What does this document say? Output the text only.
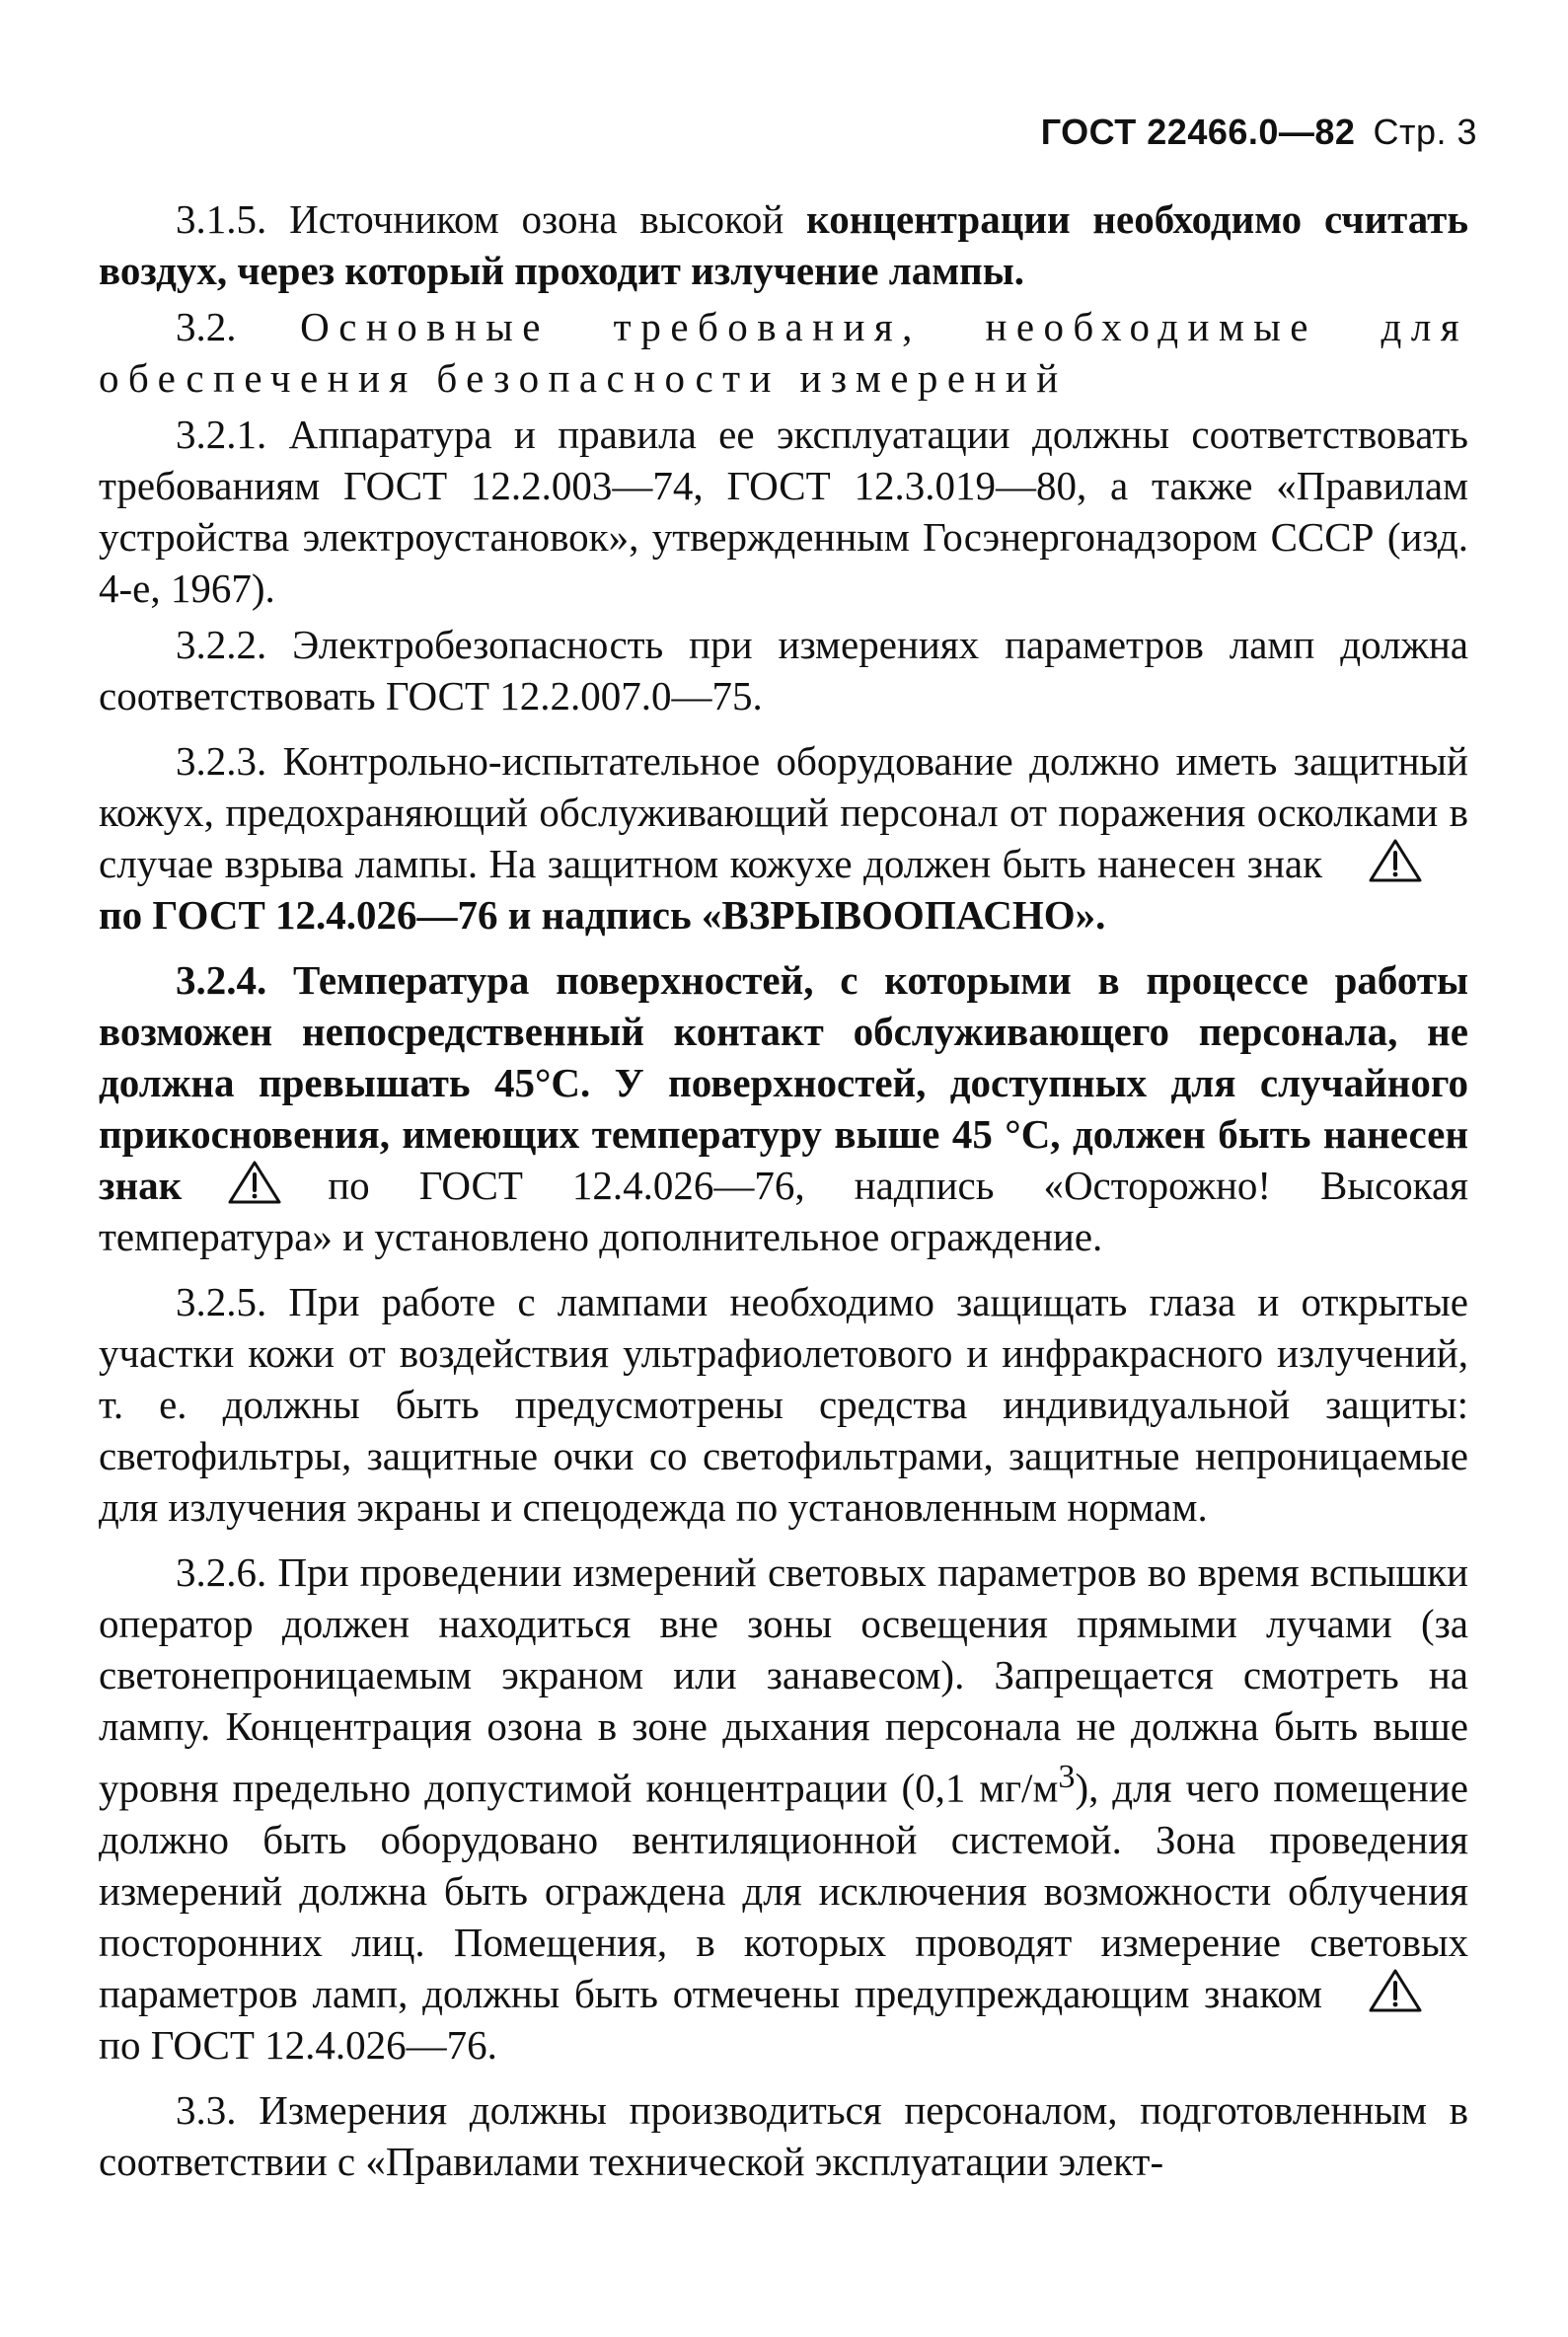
ГОСТ 22466.0—82 Стр. 3

3.1.5. Источником озона высокой концентрации необходимо считать воздух, через который проходит излучение лампы.

3.2. Основные требования, необходимые для обеспечения безопасности измерений

3.2.1. Аппаратура и правила ее эксплуатации должны соответствовать требованиям ГОСТ 12.2.003—74, ГОСТ 12.3.019—80, а также «Правилам устройства электроустановок», утвержденным Госэнергонадзором СССР (изд. 4-е, 1967).

3.2.2. Электробезопасность при измерениях параметров ламп должна соответствовать ГОСТ 12.2.007.0—75.

3.2.3. Контрольно-испытательное оборудование должно иметь защитный кожух, предохраняющий обслуживающий персонал от поражения осколками в случае взрыва лампы. На защитном кожухе должен быть нанесен знак
по ГОСТ 12.4.026—76 и надпись «ВЗРЫВООПАСНО».

3.2.4. Температура поверхностей, с которыми в процессе работы возможен непосредственный контакт обслуживающего персонала, не должна превышать 45°С. У поверхностей, доступных для случайного прикосновения, имеющих температуру выше 45 °С, должен быть нанесен знак	по ГОСТ 12.4.026—76, надпись «Осторожно! Высокая температура» и установлено дополнительное ограждение.

3.2.5. При работе с лампами необходимо защищать глаза и открытые участки кожи от воздействия ультрафиолетового и инфракрасного излучений, т. е. должны быть предусмотрены средства индивидуальной защиты: светофильтры, защитные очки со светофильтрами, защитные непроницаемые для излучения экраны и спецодежда по установленным нормам.

3.2.6. При проведении измерений световых параметров во время вспышки оператор должен находиться вне зоны освещения прямыми лучами (за светонепроницаемым экраном или занавесом). Запрещается смотреть на лампу. Концентрация озона в зоне дыхания персонала не должна быть выше уровня предельно допустимой концентрации (0,1 $мг/м^3$), для чего помещение должно быть оборудовано вентиляционной системой. Зона проведения измерений должна быть ограждена для исключения возможности облучения посторонних лиц. Помещения, в которых проводят измерение световых параметров ламп, должны быть отмечены предупреждающим знаком
по ГОСТ 12.4.026—76.

3.3. Измерения должны производиться персоналом, подготовленным в соответствии с «Правилами технической эксплуатации элект-
